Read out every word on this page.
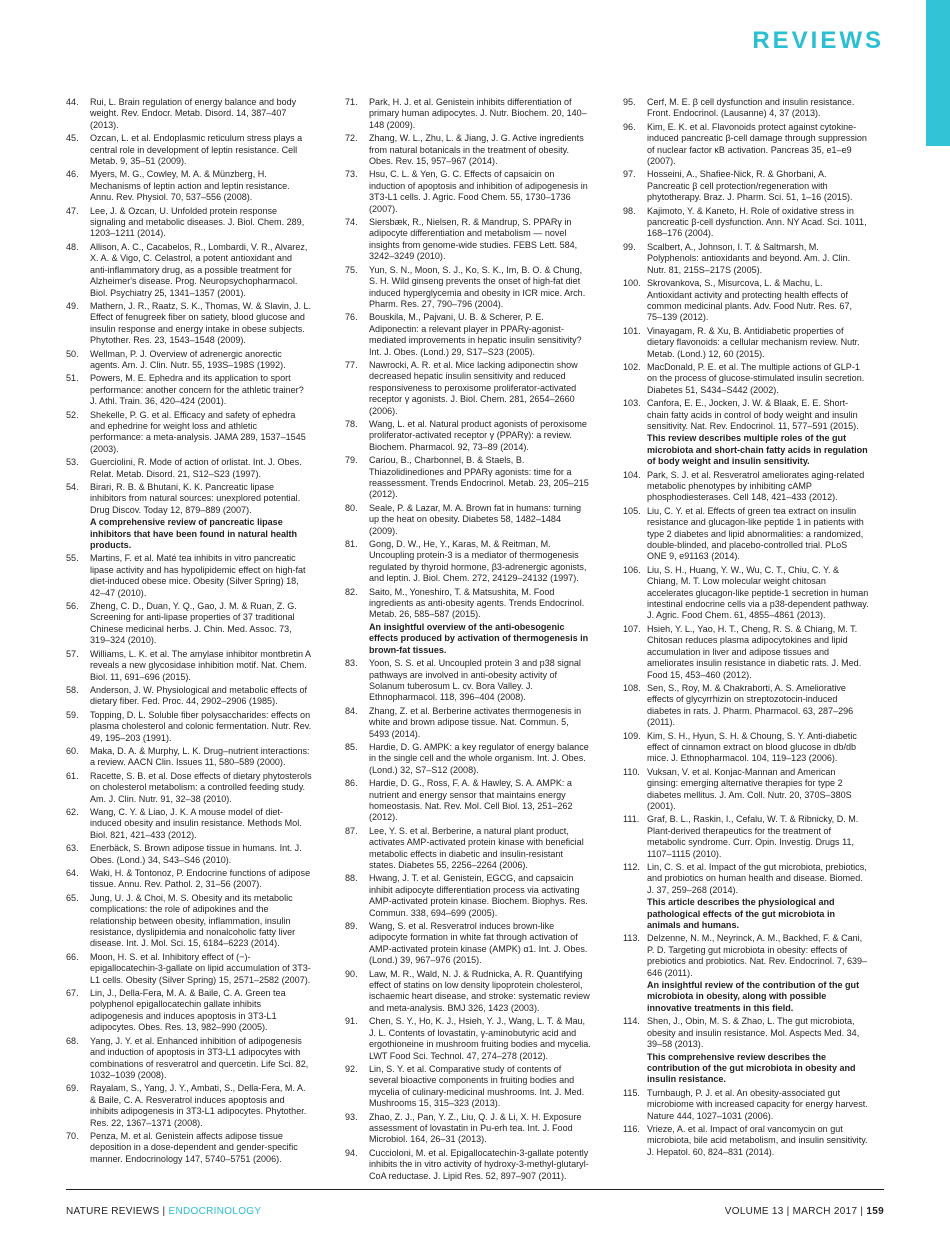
REVIEWS
44.	Rui, L. Brain regulation of energy balance and body weight. Rev. Endocr. Metab. Disord. 14, 387–407 (2013).
45.	Ozcan, L. et al. Endoplasmic reticulum stress plays a central role in development of leptin resistance. Cell Metab. 9, 35–51 (2009).
46.	Myers, M. G., Cowley, M. A. & Münzberg, H. Mechanisms of leptin action and leptin resistance. Annu. Rev. Physiol. 70, 537–556 (2008).
47.	Lee, J. & Ozcan, U. Unfolded protein response signaling and metabolic diseases. J. Biol. Chem. 289, 1203–1211 (2014).
48.	Allison, A. C., Cacabelos, R., Lombardi, V. R., Alvarez, X. A. & Vigo, C. Celastrol, a potent antioxidant and anti-inflammatory drug, as a possible treatment for Alzheimer's disease. Prog. Neuropsychopharmacol. Biol. Psychiatry 25, 1341–1357 (2001).
49.	Mathern, J. R., Raatz, S. K., Thomas, W. & Slavin, J. L. Effect of fenugreek fiber on satiety, blood glucose and insulin response and energy intake in obese subjects. Phytother. Res. 23, 1543–1548 (2009).
50.	Wellman, P. J. Overview of adrenergic anorectic agents. Am. J. Clin. Nutr. 55, 193S–198S (1992).
51.	Powers, M. E. Ephedra and its application to sport performance: another concern for the athletic trainer? J. Athl. Train. 36, 420–424 (2001).
52.	Shekelle, P. G. et al. Efficacy and safety of ephedra and ephedrine for weight loss and athletic performance: a meta-analysis. JAMA 289, 1537–1545 (2003).
53.	Guerciolini, R. Mode of action of orlistat. Int. J. Obes. Relat. Metab. Disord. 21, S12–S23 (1997).
54.	Birari, R. B. & Bhutani, K. K. Pancreatic lipase inhibitors from natural sources: unexplored potential. Drug Discov. Today 12, 879–889 (2007).
A comprehensive review of pancreatic lipase inhibitors that have been found in natural health products.
55.	Martins, F. et al. Maté tea inhibits in vitro pancreatic lipase activity and has hypolipidemic effect on high-fat diet-induced obese mice. Obesity (Silver Spring) 18, 42–47 (2010).
56.	Zheng, C. D., Duan, Y. Q., Gao, J. M. & Ruan, Z. G. Screening for anti-lipase properties of 37 traditional Chinese medicinal herbs. J. Chin. Med. Assoc. 73, 319–324 (2010).
57.	Williams, L. K. et al. The amylase inhibitor montbretin A reveals a new glycosidase inhibition motif. Nat. Chem. Biol. 11, 691–696 (2015).
58.	Anderson, J. W. Physiological and metabolic effects of dietary fiber. Fed. Proc. 44, 2902–2906 (1985).
59.	Topping, D. L. Soluble fiber polysaccharides: effects on plasma cholesterol and colonic fermentation. Nutr. Rev. 49, 195–203 (1991).
60.	Maka, D. A. & Murphy, L. K. Drug–nutrient interactions: a review. AACN Clin. Issues 11, 580–589 (2000).
61.	Racette, S. B. et al. Dose effects of dietary phytosterols on cholesterol metabolism: a controlled feeding study. Am. J. Clin. Nutr. 91, 32–38 (2010).
62.	Wang, C. Y. & Liao, J. K. A mouse model of diet-induced obesity and insulin resistance. Methods Mol. Biol. 821, 421–433 (2012).
63.	Enerbäck, S. Brown adipose tissue in humans. Int. J. Obes. (Lond.) 34, S43–S46 (2010).
64.	Waki, H. & Tontonoz, P. Endocrine functions of adipose tissue. Annu. Rev. Pathol. 2, 31–56 (2007).
65.	Jung, U. J. & Choi, M. S. Obesity and its metabolic complications: the role of adipokines and the relationship between obesity, inflammation, insulin resistance, dyslipidemia and nonalcoholic fatty liver disease. Int. J. Mol. Sci. 15, 6184–6223 (2014).
66.	Moon, H. S. et al. Inhibitory effect of (−)-epigallocatechin-3-gallate on lipid accumulation of 3T3-L1 cells. Obesity (Silver Spring) 15, 2571–2582 (2007).
67.	Lin, J., Della-Fera, M. A. & Baile, C. A. Green tea polyphenol epigallocatechin gallate inhibits adipogenesis and induces apoptosis in 3T3-L1 adipocytes. Obes. Res. 13, 982–990 (2005).
68.	Yang, J. Y. et al. Enhanced inhibition of adipogenesis and induction of apoptosis in 3T3-L1 adipocytes with combinations of resveratrol and quercetin. Life Sci. 82, 1032–1039 (2008).
69.	Rayalam, S., Yang, J. Y., Ambati, S., Della-Fera, M. A. & Baile, C. A. Resveratrol induces apoptosis and inhibits adipogenesis in 3T3-L1 adipocytes. Phytother. Res. 22, 1367–1371 (2008).
70.	Penza, M. et al. Genistein affects adipose tissue deposition in a dose-dependent and gender-specific manner. Endocrinology 147, 5740–5751 (2006).
71.	Park, H. J. et al. Genistein inhibits differentiation of primary human adipocytes. J. Nutr. Biochem. 20, 140–148 (2009).
72.	Zhang, W. L., Zhu, L. & Jiang, J. G. Active ingredients from natural botanicals in the treatment of obesity. Obes. Rev. 15, 957–967 (2014).
73.	Hsu, C. L. & Yen, G. C. Effects of capsaicin on induction of apoptosis and inhibition of adipogenesis in 3T3-L1 cells. J. Agric. Food Chem. 55, 1730–1736 (2007).
74.	Siersbæk, R., Nielsen, R. & Mandrup, S. PPARγ in adipocyte differentiation and metabolism — novel insights from genome-wide studies. FEBS Lett. 584, 3242–3249 (2010).
75.	Yun, S. N., Moon, S. J., Ko, S. K., Im, B. O. & Chung, S. H. Wild ginseng prevents the onset of high-fat diet induced hyperglycemia and obesity in ICR mice. Arch. Pharm. Res. 27, 790–796 (2004).
76.	Bouskila, M., Pajvani, U. B. & Scherer, P. E. Adiponectin: a relevant player in PPARγ-agonist-mediated improvements in hepatic insulin sensitivity? Int. J. Obes. (Lond.) 29, S17–S23 (2005).
77.	Nawrocki, A. R. et al. Mice lacking adiponectin show decreased hepatic insulin sensitivity and reduced responsiveness to peroxisome proliferator-activated receptor γ agonists. J. Biol. Chem. 281, 2654–2660 (2006).
78.	Wang, L. et al. Natural product agonists of peroxisome proliferator-activated receptor γ (PPARγ): a review. Biochem. Pharmacol. 92, 73–89 (2014).
79.	Cariou, B., Charbonnel, B. & Staels, B. Thiazolidinediones and PPARγ agonists: time for a reassessment. Trends Endocrinol. Metab. 23, 205–215 (2012).
80.	Seale, P. & Lazar, M. A. Brown fat in humans: turning up the heat on obesity. Diabetes 58, 1482–1484 (2009).
81.	Gong, D. W., He, Y., Karas, M. & Reitman, M. Uncoupling protein-3 is a mediator of thermogenesis regulated by thyroid hormone, β3-adrenergic agonists, and leptin. J. Biol. Chem. 272, 24129–24132 (1997).
82.	Saito, M., Yoneshiro, T. & Matsushita, M. Food ingredients as anti-obesity agents. Trends Endocrinol. Metab. 26, 585–587 (2015).
An insightful overview of the anti-obesogenic effects produced by activation of thermogenesis in brown-fat tissues.
83.	Yoon, S. S. et al. Uncoupled protein 3 and p38 signal pathways are involved in anti-obesity activity of Solanum tuberosum L. cv. Bora Valley. J. Ethnopharmacol. 118, 396–404 (2008).
84.	Zhang, Z. et al. Berberine activates thermogenesis in white and brown adipose tissue. Nat. Commun. 5, 5493 (2014).
85.	Hardie, D. G. AMPK: a key regulator of energy balance in the single cell and the whole organism. Int. J. Obes. (Lond.) 32, S7–S12 (2008).
86.	Hardie, D. G., Ross, F. A. & Hawley, S. A. AMPK: a nutrient and energy sensor that maintains energy homeostasis. Nat. Rev. Mol. Cell Biol. 13, 251–262 (2012).
87.	Lee, Y. S. et al. Berberine, a natural plant product, activates AMP-activated protein kinase with beneficial metabolic effects in diabetic and insulin-resistant states. Diabetes 55, 2256–2264 (2006).
88.	Hwang, J. T. et al. Genistein, EGCG, and capsaicin inhibit adipocyte differentiation process via activating AMP-activated protein kinase. Biochem. Biophys. Res. Commun. 338, 694–699 (2005).
89.	Wang, S. et al. Resveratrol induces brown-like adipocyte formation in white fat through activation of AMP-activated protein kinase (AMPK) α1. Int. J. Obes. (Lond.) 39, 967–976 (2015).
90.	Law, M. R., Wald, N. J. & Rudnicka, A. R. Quantifying effect of statins on low density lipoprotein cholesterol, ischaemic heart disease, and stroke: systematic review and meta-analysis. BMJ 326, 1423 (2003).
91.	Chen, S. Y., Ho, K. J., Hsieh, Y. J., Wang, L. T. & Mau, J. L. Contents of lovastatin, γ-aminobutyric acid and ergothioneine in mushroom fruiting bodies and mycelia. LWT Food Sci. Technol. 47, 274–278 (2012).
92.	Lin, S. Y. et al. Comparative study of contents of several bioactive components in fruiting bodies and mycelia of culinary-medicinal mushrooms. Int. J. Med. Mushrooms 15, 315–323 (2013).
93.	Zhao, Z. J., Pan, Y. Z., Liu, Q. J. & Li, X. H. Exposure assessment of lovastatin in Pu-erh tea. Int. J. Food Microbiol. 164, 26–31 (2013).
94.	Cuccioloni, M. et al. Epigallocatechin-3-gallate potently inhibits the in vitro activity of hydroxy-3-methyl-glutaryl-CoA reductase. J. Lipid Res. 52, 897–907 (2011).
95.	Cerf, M. E. β cell dysfunction and insulin resistance. Front. Endocrinol. (Lausanne) 4, 37 (2013).
96.	Kim, E. K. et al. Flavonoids protect against cytokine-induced pancreatic β-cell damage through suppression of nuclear factor κB activation. Pancreas 35, e1–e9 (2007).
97.	Hosseini, A., Shafiee-Nick, R. & Ghorbani, A. Pancreatic β cell protection/regeneration with phytotherapy. Braz. J. Pharm. Sci. 51, 1–16 (2015).
98.	Kajimoto, Y. & Kaneto, H. Role of oxidative stress in pancreatic β-cell dysfunction. Ann. NY Acad. Sci. 1011, 168–176 (2004).
99.	Scalbert, A., Johnson, I. T. & Saltmarsh, M. Polyphenols: antioxidants and beyond. Am. J. Clin. Nutr. 81, 215S–217S (2005).
100. Skrovankova, S., Misurcova, L. & Machu, L. Antioxidant activity and protecting health effects of common medicinal plants. Adv. Food Nutr. Res. 67, 75–139 (2012).
101. Vinayagam, R. & Xu, B. Antidiabetic properties of dietary flavonoids: a cellular mechanism review. Nutr. Metab. (Lond.) 12, 60 (2015).
102. MacDonald, P. E. et al. The multiple actions of GLP-1 on the process of glucose-stimulated insulin secretion. Diabetes 51, S434–S442 (2002).
103. Canfora, E. E., Jocken, J. W. & Blaak, E. E. Short-chain fatty acids in control of body weight and insulin sensitivity. Nat. Rev. Endocrinol. 11, 577–591 (2015).
This review describes multiple roles of the gut microbiota and short-chain fatty acids in regulation of body weight and insulin sensitivity.
104. Park, S. J. et al. Resveratrol ameliorates aging-related metabolic phenotypes by inhibiting cAMP phosphodiesterases. Cell 148, 421–433 (2012).
105. Liu, C. Y. et al. Effects of green tea extract on insulin resistance and glucagon-like peptide 1 in patients with type 2 diabetes and lipid abnormalities: a randomized, double-blinded, and placebo-controlled trial. PLoS ONE 9, e91163 (2014).
106. Liu, S. H., Huang, Y. W., Wu, C. T., Chiu, C. Y. & Chiang, M. T. Low molecular weight chitosan accelerates glucagon-like peptide-1 secretion in human intestinal endocrine cells via a p38-dependent pathway. J. Agric. Food Chem. 61, 4855–4861 (2013).
107. Hsieh, Y. L., Yao, H. T., Cheng, R. S. & Chiang, M. T. Chitosan reduces plasma adipocytokines and lipid accumulation in liver and adipose tissues and ameliorates insulin resistance in diabetic rats. J. Med. Food 15, 453–460 (2012).
108. Sen, S., Roy, M. & Chakraborti, A. S. Ameliorative effects of glycyrrhizin on streptozotocin-induced diabetes in rats. J. Pharm. Pharmacol. 63, 287–296 (2011).
109. Kim, S. H., Hyun, S. H. & Choung, S. Y. Anti-diabetic effect of cinnamon extract on blood glucose in db/db mice. J. Ethnopharmacol. 104, 119–123 (2006).
110. Vuksan, V. et al. Konjac-Mannan and American ginsing: emerging alternative therapies for type 2 diabetes mellitus. J. Am. Coll. Nutr. 20, 370S–380S (2001).
111. Graf, B. L., Raskin, I., Cefalu, W. T. & Ribnicky, D. M. Plant-derived therapeutics for the treatment of metabolic syndrome. Curr. Opin. Investig. Drugs 11, 1107–1115 (2010).
112. Lin, C. S. et al. Impact of the gut microbiota, prebiotics, and probiotics on human health and disease. Biomed. J. 37, 259–268 (2014).
This article describes the physiological and pathological effects of the gut microbiota in animals and humans.
113. Delzenne, N. M., Neyrinck, A. M., Backhed, F. & Cani, P. D. Targeting gut microbiota in obesity: effects of prebiotics and probiotics. Nat. Rev. Endocrinol. 7, 639–646 (2011).
An insightful review of the contribution of the gut microbiota in obesity, along with possible innovative treatments in this field.
114. Shen, J., Obin, M. S. & Zhao, L. The gut microbiota, obesity and insulin resistance. Mol. Aspects Med. 34, 39–58 (2013).
This comprehensive review describes the contribution of the gut microbiota in obesity and insulin resistance.
115. Turnbaugh, P. J. et al. An obesity-associated gut microbiome with increased capacity for energy harvest. Nature 444, 1027–1031 (2006).
116. Vrieze, A. et al. Impact of oral vancomycin on gut microbiota, bile acid metabolism, and insulin sensitivity. J. Hepatol. 60, 824–831 (2014).
NATURE REVIEWS | ENDOCRINOLOGY	VOLUME 13 | MARCH 2017 | 159
